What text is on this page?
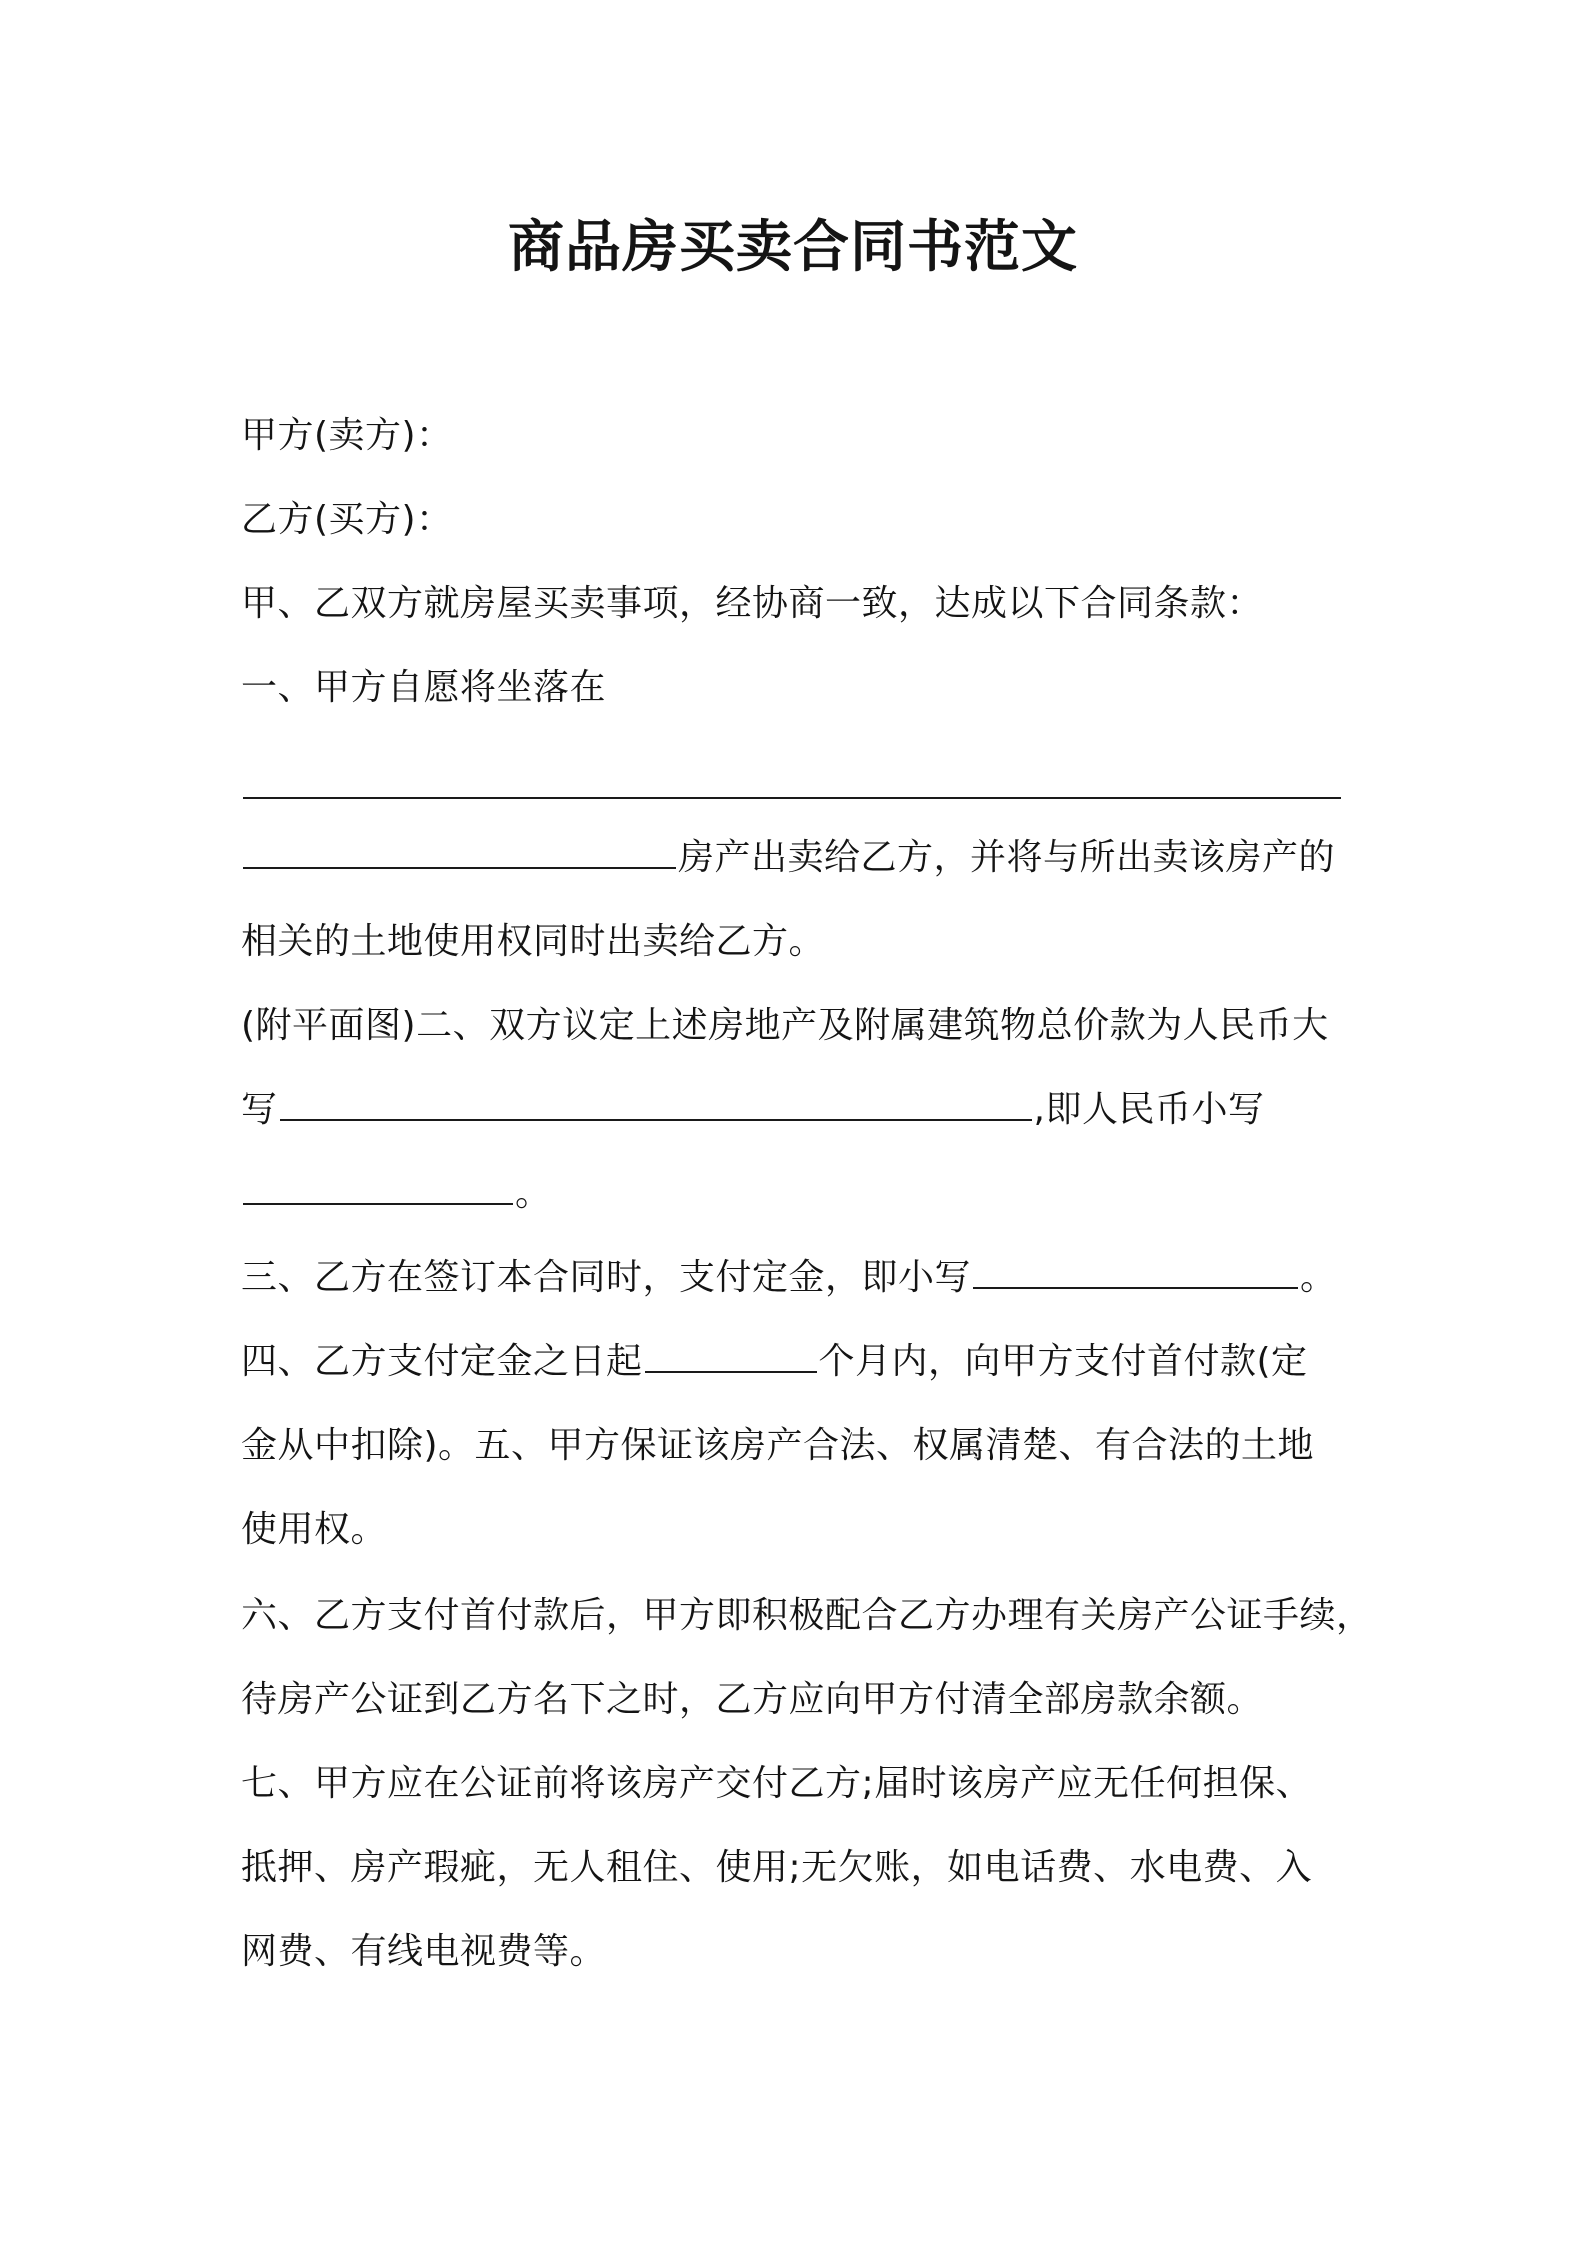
商品房买卖合同书范文
甲方(卖方)：
乙方(买方)：
甲、乙双方就房屋买卖事项，经协商一致，达成以下合同条款：
一、甲方自愿将坐落在
房产出卖给乙方，并将与所出卖该房产的
相关的土地使用权同时出卖给乙方。
(附平面图)二、双方议定上述房地产及附属建筑物总价款为人民币大
写	,即人民币小写
。
三、乙方在签订本合同时，支付定金，即小写	。
四、乙方支付定金之日起	个月内，向甲方支付首付款(定
金从中扣除)。五、甲方保证该房产合法、权属清楚、有合法的土地
使用权。
六、乙方支付首付款后，甲方即积极配合乙方办理有关房产公证手续，
待房产公证到乙方名下之时，乙方应向甲方付清全部房款余额。
七、甲方应在公证前将该房产交付乙方;届时该房产应无任何担保、
抵押、房产瑕疵，无人租住、使用;无欠账，如电话费、水电费、入
网费、有线电视费等。
